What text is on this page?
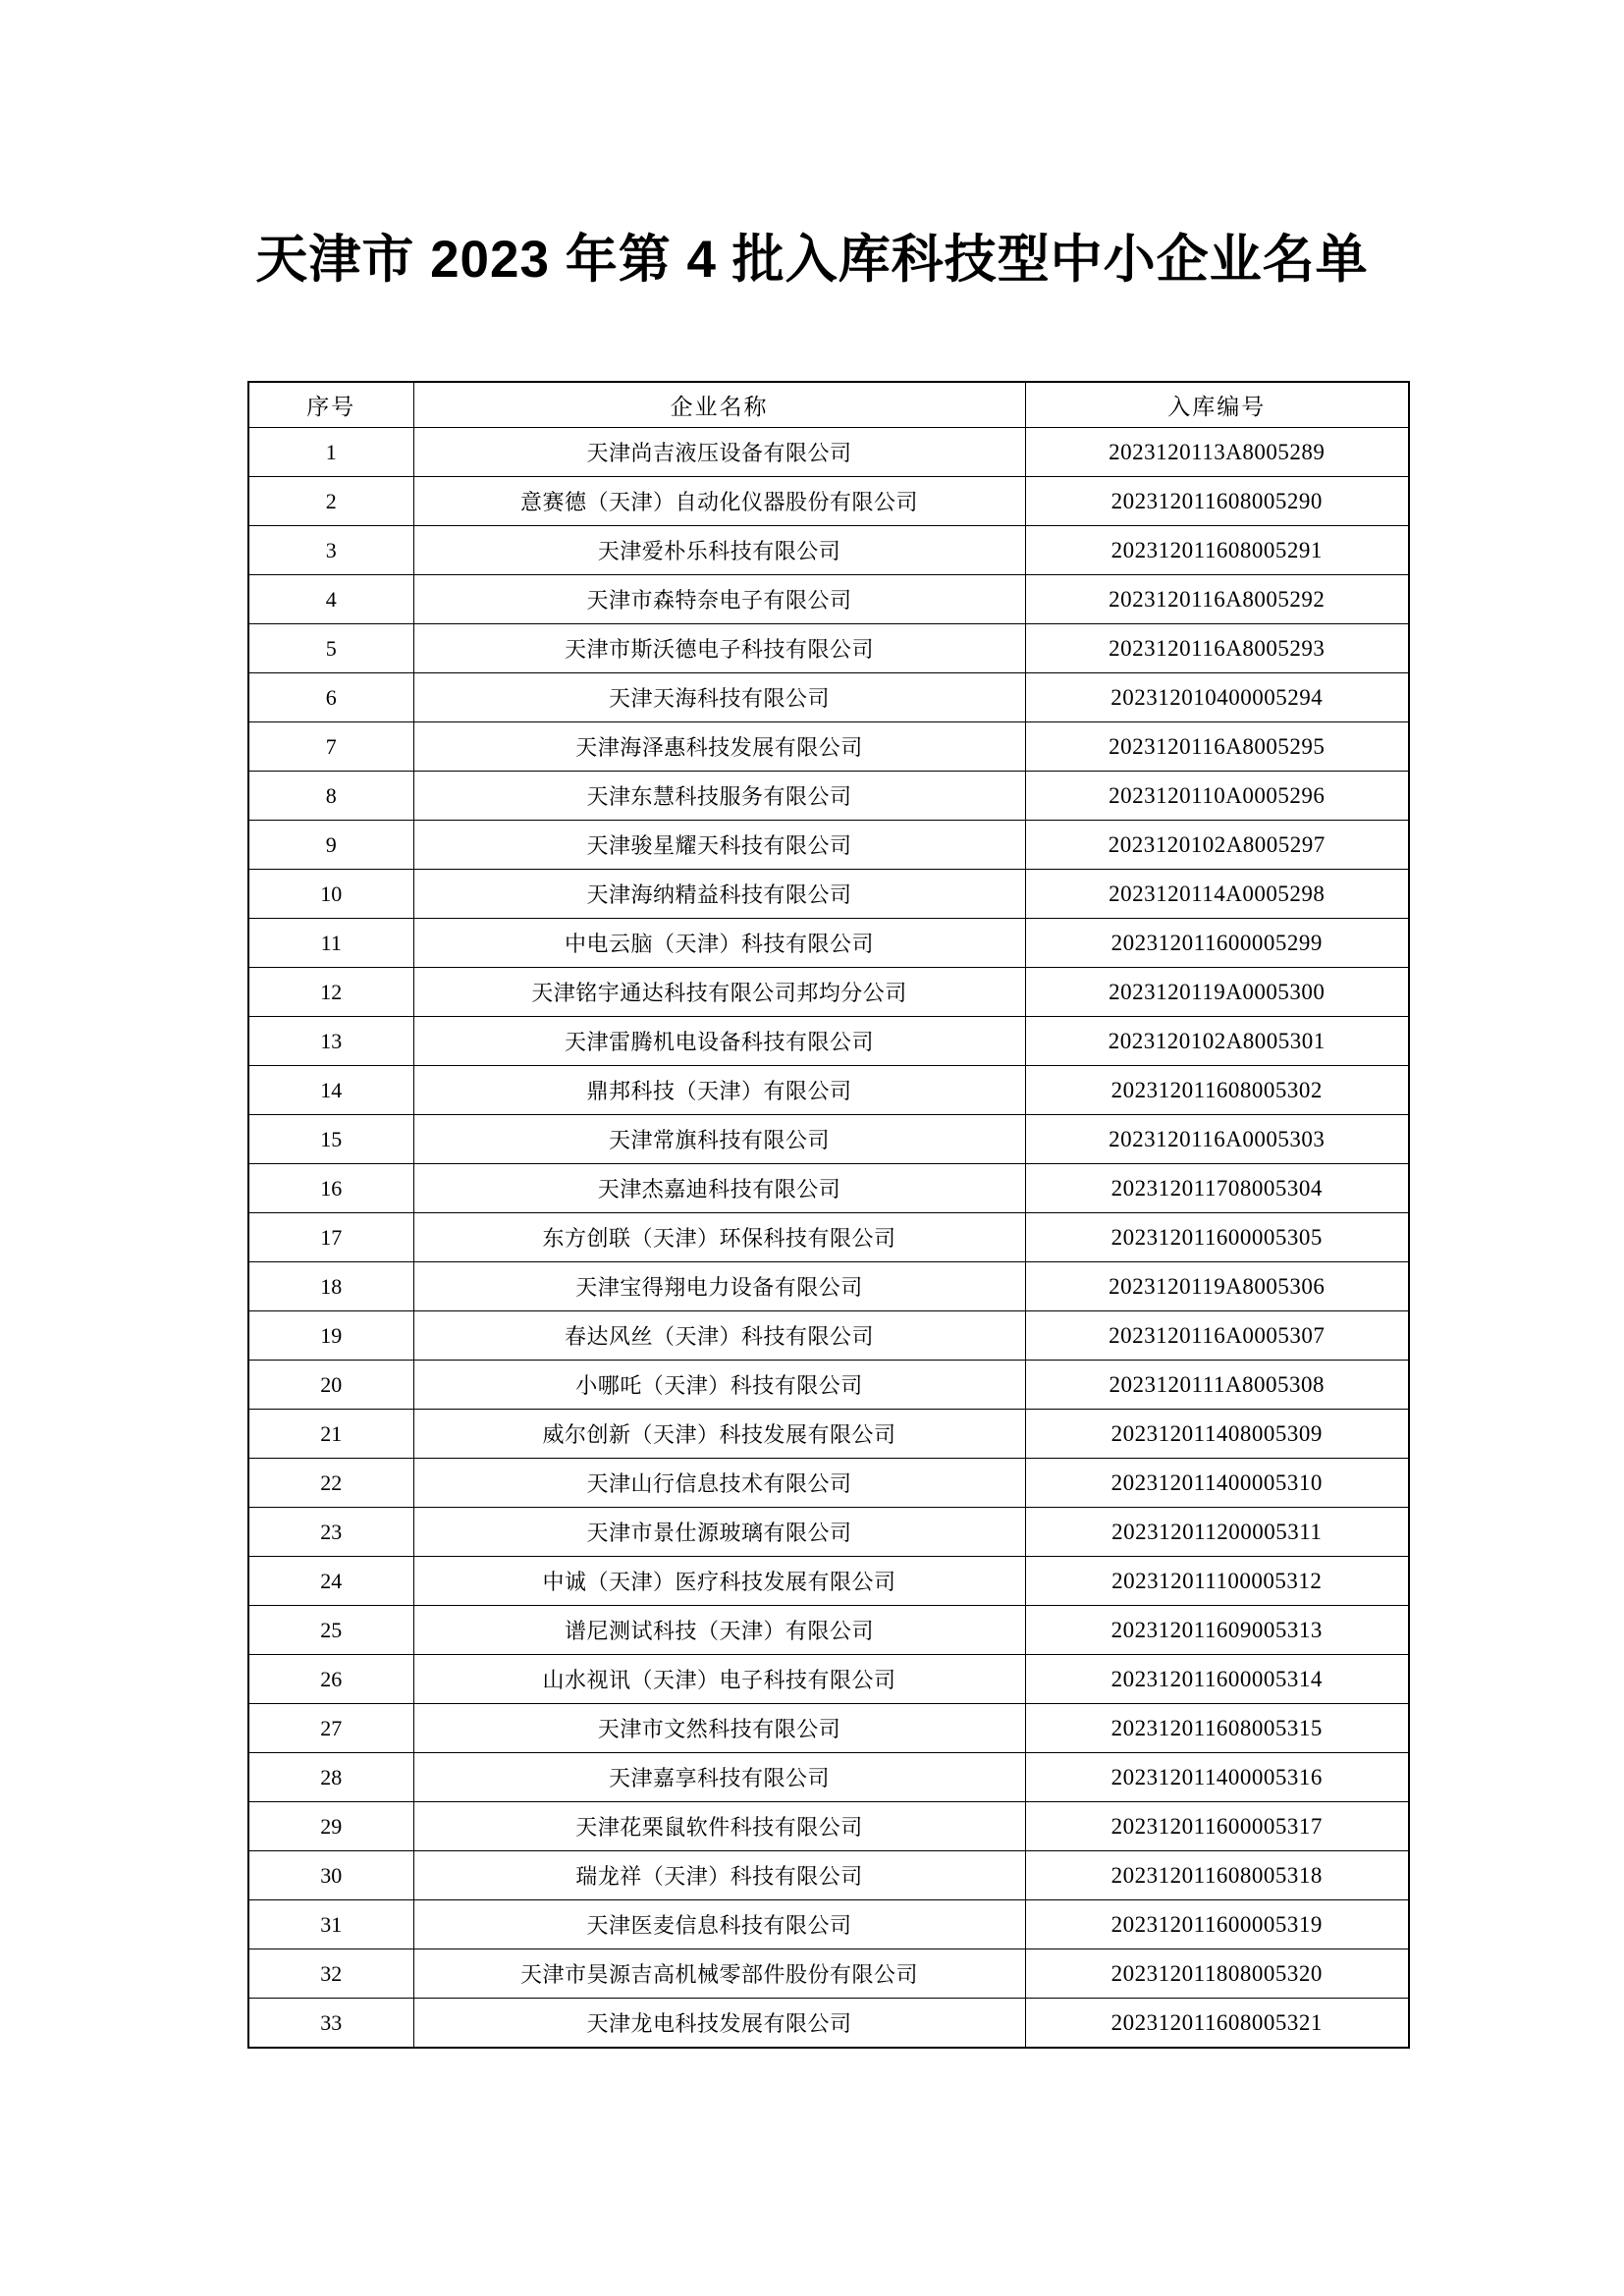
天津市 2023 年第 4 批入库科技型中小企业名单
序号	企业名称	入库编号
1	天津尚吉液压设备有限公司	2023120113A8005289
2	意赛德（天津）自动化仪器股份有限公司	202312011608005290
3	天津爱朴乐科技有限公司	202312011608005291
4	天津市森特奈电子有限公司	2023120116A8005292
5	天津市斯沃德电子科技有限公司	2023120116A8005293
6	天津天海科技有限公司	202312010400005294
7	天津海泽惠科技发展有限公司	2023120116A8005295
8	天津东慧科技服务有限公司	2023120110A0005296
9	天津骏星耀天科技有限公司	2023120102A8005297
10	天津海纳精益科技有限公司	2023120114A0005298
11	中电云脑（天津）科技有限公司	202312011600005299
12	天津铭宇通达科技有限公司邦均分公司	2023120119A0005300
13	天津雷腾机电设备科技有限公司	2023120102A8005301
14	鼎邦科技（天津）有限公司	202312011608005302
15	天津常旗科技有限公司	2023120116A0005303
16	天津杰嘉迪科技有限公司	202312011708005304
17	东方创联（天津）环保科技有限公司	202312011600005305
18	天津宝得翔电力设备有限公司	2023120119A8005306
19	春达风丝（天津）科技有限公司	2023120116A0005307
20	小哪吒（天津）科技有限公司	2023120111A8005308
21	威尔创新（天津）科技发展有限公司	202312011408005309
22	天津山行信息技术有限公司	202312011400005310
23	天津市景仕源玻璃有限公司	202312011200005311
24	中诚（天津）医疗科技发展有限公司	202312011100005312
25	谱尼测试科技（天津）有限公司	202312011609005313
26	山水视讯（天津）电子科技有限公司	202312011600005314
27	天津市文然科技有限公司	202312011608005315
28	天津嘉享科技有限公司	202312011400005316
29	天津花栗鼠软件科技有限公司	202312011600005317
30	瑞龙祥（天津）科技有限公司	202312011608005318
31	天津医麦信息科技有限公司	202312011600005319
32	天津市昊源吉高机械零部件股份有限公司	202312011808005320
33	天津龙电科技发展有限公司	202312011608005321
